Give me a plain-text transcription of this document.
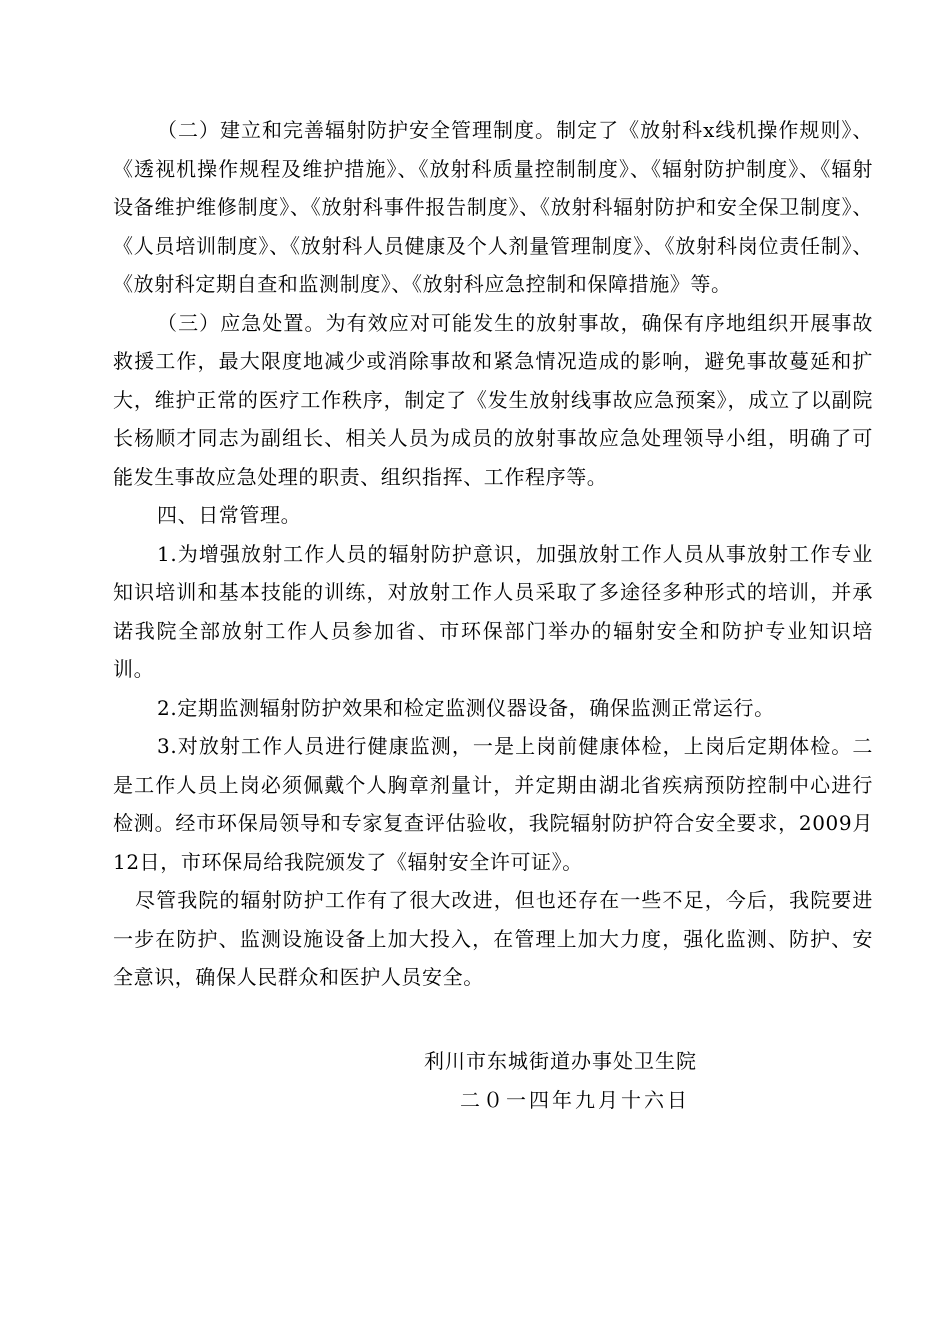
（二）建立和完善辐射防护安全管理制度。制定了《放射科x线机操作规则》、《透视机操作规程及维护措施》、《放射科质量控制制度》、《辐射防护制度》、《辐射设备维护维修制度》、《放射科事件报告制度》、《放射科辐射防护和安全保卫制度》、《人员培训制度》、《放射科人员健康及个人剂量管理制度》、《放射科岗位责任制》、《放射科定期自查和监测制度》、《放射科应急控制和保障措施》等。

（三）应急处置。为有效应对可能发生的放射事故，确保有序地组织开展事故救援工作，最大限度地减少或消除事故和紧急情况造成的影响，避免事故蔓延和扩大，维护正常的医疗工作秩序，制定了《发生放射线事故应急预案》，成立了以副院长杨顺才同志为副组长、相关人员为成员的放射事故应急处理领导小组，明确了可能发生事故应急处理的职责、组织指挥、工作程序等。

四、日常管理。

1.为增强放射工作人员的辐射防护意识，加强放射工作人员从事放射工作专业知识培训和基本技能的训练，对放射工作人员采取了多途径多种形式的培训，并承诺我院全部放射工作人员参加省、市环保部门举办的辐射安全和防护专业知识培训。

2.定期监测辐射防护效果和检定监测仪器设备，确保监测正常运行。

3.对放射工作人员进行健康监测，一是上岗前健康体检，上岗后定期体检。二是工作人员上岗必须佩戴个人胸章剂量计，并定期由湖北省疾病预防控制中心进行检测。经市环保局领导和专家复查评估验收，我院辐射防护符合安全要求，2009月12日，市环保局给我院颁发了《辐射安全许可证》。

尽管我院的辐射防护工作有了很大改进，但也还存在一些不足，今后，我院要进一步在防护、监测设施设备上加大投入，在管理上加大力度，强化监测、防护、安全意识，确保人民群众和医护人员安全。

利川市东城街道办事处卫生院
二０一四年九月十六日
